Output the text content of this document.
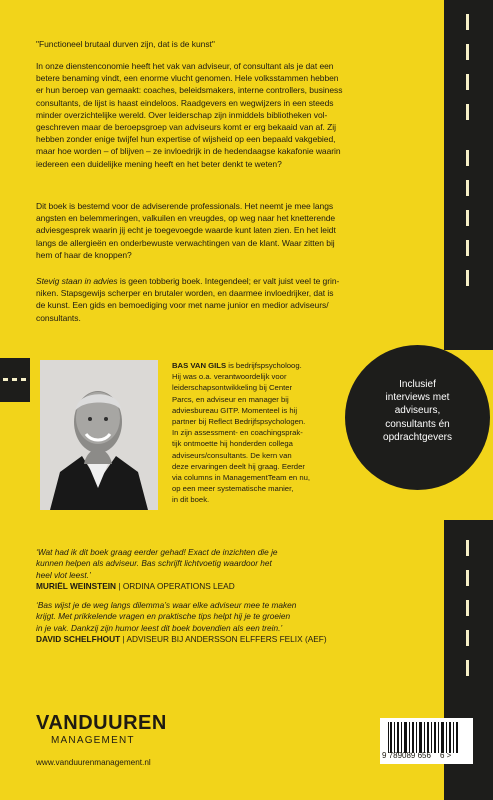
"Functioneel brutaal durven zijn, dat is de kunst"

In onze dienstenconomie heeft het vak van adviseur, of consultant als je dat een
betere benaming vindt, een enorme vlucht genomen. Hele volksstammen hebben
er hun beroep van gemaakt: coaches, beleidsmakers, interne controllers, business
consultants, de lijst is haast eindeloos. Raadgevers en wegwijzers in een steeds
minder overzichtelijke wereld. Over leiderschap zijn inmiddels bibliotheken vol-
geschreven maar de beroepsgroep van adviseurs komt er erg bekaaid van af. Zij
hebben zonder enige twijfel hun expertise of wijsheid op een bepaald vakgebied,
maar hoe worden – of blijven – ze invloedrijk in de hedendaagse kakafonie waarin
iedereen een duidelijke mening heeft en het beter denkt te weten?

Dit boek is bestemd voor de adviserende professionals. Het neemt je mee langs
angsten en belemmeringen, valkuilen en vreugdes, op weg naar het knetterende
adviesgesprek waarin jij echt je toegevoegde waarde kunt laten zien. En het leidt
langs de allergieën en onderbewuste verwachtingen van de klant. Waar zitten bij
hem of haar de knoppen?

Stevig staan in advies is geen tobberig boek. Integendeel; er valt juist veel te grin-
niken. Stapsgewijs scherper en brutaler worden, en daarmee invloedrijker, dat is
de kunst. Een gids en bemoediging voor met name junior en medior adviseurs/
consultants.

BAS VAN GILS is bedrijfspsycholoog.
Hij was o.a. verantwoordelijk voor
leiderschapsontwikkeling bij Center
Parcs, en adviseur en manager bij
adviesbureau GITP. Momenteel is hij
partner bij Reflect Bedrijfspsychologen.
In zijn assessment- en coachingsprak-
tijk ontmoette hij honderden collega
adviseurs/consultants. De kern van
deze ervaringen deelt hij graag. Eerder
via columns in ManagementTeam en nu,
op een meer systematische manier,
in dit boek.
Inclusief
interviews met
adviseurs,
consultants én
opdrachtgevers

‘Wat had ik dit boek graag eerder gehad! Exact de inzichten die je
kunnen helpen als adviseur. Bas schrijft lichtvoetig waardoor het
heel vlot leest.’
MURIËL WEINSTEIN | ORDINA OPERATIONS LEAD

‘Bas wijst je de weg langs dilemma’s waar elke adviseur mee te maken
krijgt. Met prikkelende vragen en praktische tips helpt hij je te groeien
in je vak. Dankzij zijn humor leest dit boek bovendien als een trein.’
DAVID SCHELFHOUT | ADVISEUR BIJ ANDERSSON ELFFERS FELIX (AEF)

VANDUUREN
MANAGEMENT
www.vanduurenmanagement.nl
9 789089 656 6 >
